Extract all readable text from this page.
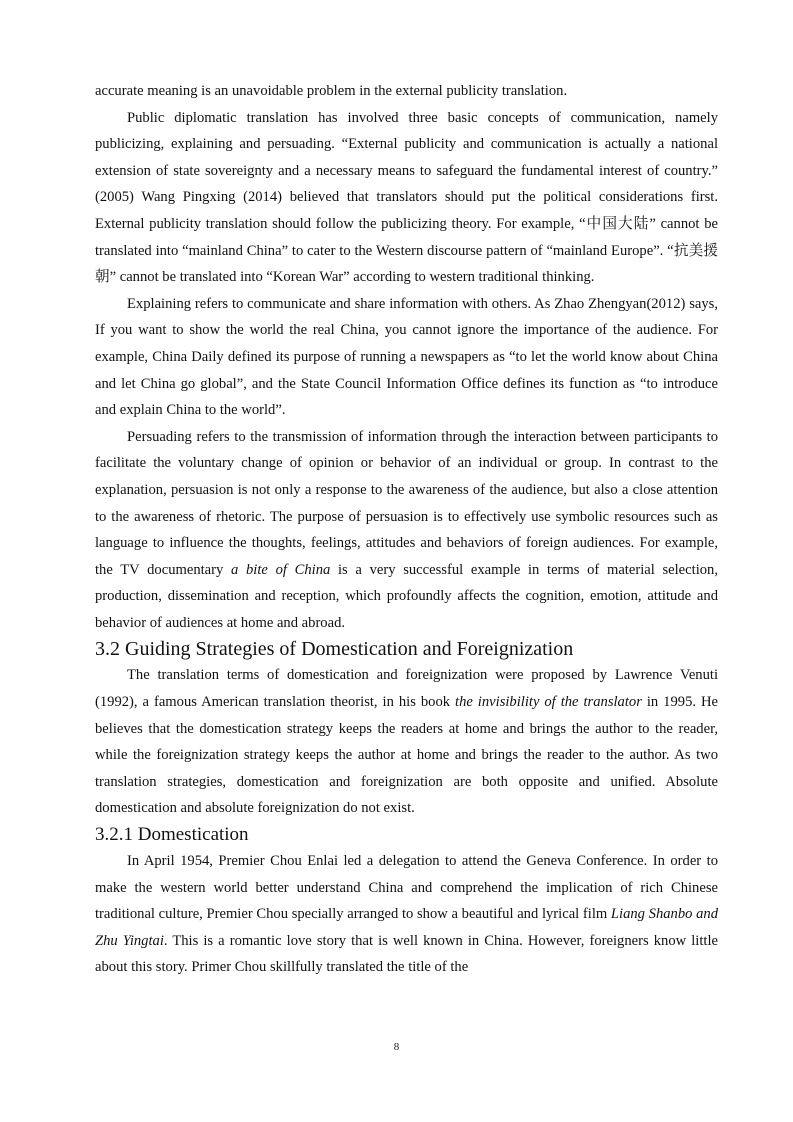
accurate meaning is an unavoidable problem in the external publicity translation.

Public diplomatic translation has involved three basic concepts of communication, namely publicizing, explaining and persuading. “External publicity and communication is actually a national extension of state sovereignty and a necessary means to safeguard the fundamental interest of country.” (2005) Wang Pingxing (2014) believed that translators should put the political considerations first. External publicity translation should follow the publicizing theory. For example, “中国大陆” cannot be translated into “mainland China” to cater to the Western discourse pattern of “mainland Europe”. “抗美援朝” cannot be translated into “Korean War” according to western traditional thinking.

Explaining refers to communicate and share information with others. As Zhao Zhengyan(2012) says, If you want to show the world the real China, you cannot ignore the importance of the audience. For example, China Daily defined its purpose of running a newspapers as “to let the world know about China and let China go global”, and the State Council Information Office defines its function as “to introduce and explain China to the world”.

Persuading refers to the transmission of information through the interaction between participants to facilitate the voluntary change of opinion or behavior of an individual or group. In contrast to the explanation, persuasion is not only a response to the awareness of the audience, but also a close attention to the awareness of rhetoric. The purpose of persuasion is to effectively use symbolic resources such as language to influence the thoughts, feelings, attitudes and behaviors of foreign audiences. For example, the TV documentary a bite of China is a very successful example in terms of material selection, production, dissemination and reception, which profoundly affects the cognition, emotion, attitude and behavior of audiences at home and abroad.

3.2 Guiding Strategies of Domestication and Foreignization

The translation terms of domestication and foreignization were proposed by Lawrence Venuti (1992), a famous American translation theorist, in his book the invisibility of the translator in 1995. He believes that the domestication strategy keeps the readers at home and brings the author to the reader, while the foreignization strategy keeps the author at home and brings the reader to the author. As two translation strategies, domestication and foreignization are both opposite and unified. Absolute domestication and absolute foreignization do not exist.

3.2.1 Domestication

In April 1954, Premier Chou Enlai led a delegation to attend the Geneva Conference. In order to make the western world better understand China and comprehend the implication of rich Chinese traditional culture, Premier Chou specially arranged to show a beautiful and lyrical film Liang Shanbo and Zhu Yingtai. This is a romantic love story that is well known in China. However, foreigners know little about this story. Primer Chou skillfully translated the title of the

8
